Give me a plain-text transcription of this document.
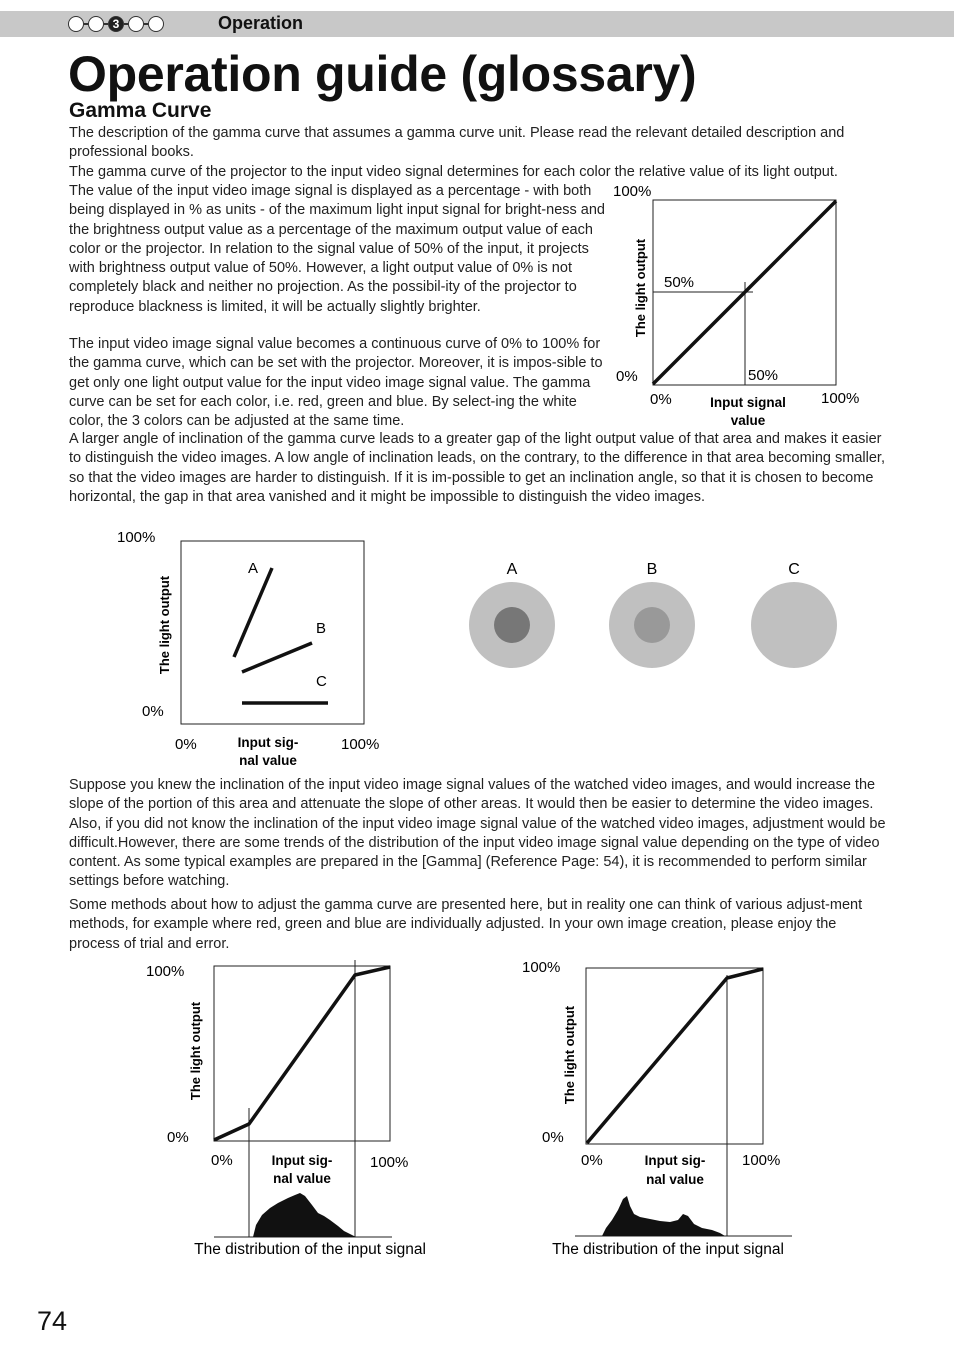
3	Operation
Operation guide (glossary)
Gamma Curve
The description of the gamma curve that assumes a gamma curve unit. Please read the relevant detailed description and professional books.
The gamma curve of the projector to the input video signal determines for each color the relative value of its light output.
The value of the input video image signal is displayed as a percentage - with both being displayed in % as units - of the maximum light input signal for bright-ness and the brightness output value as a percentage of the maximum output value of each color or the projector. In relation to the signal value of 50% of the input, it projects with brightness output value of 50%. However, a light output value of 0% is not completely black and neither no projection. As the possibil-ity of the projector to reproduce blackness is limited, it will be actually slightly brighter.
The input video image signal value becomes a continuous curve of 0% to 100% for the gamma curve, which can be set with the projector. Moreover, it is impos-sible to get only one light output value for the input video image signal value. The gamma curve can be set for each color, i.e. red, green and blue. By select-ing the white color, the 3 colors can be adjusted at the same time.
A larger angle of inclination of the gamma curve leads to a greater gap of the light output value of that area and makes it easier to distinguish the video images. A low angle of inclination leads, on the contrary, to the difference in that area becoming smaller, so that the video images are harder to distinguish. If it is im-possible to get an inclination angle, so that it is chosen to become horizontal, the gap in that area vanished and it might be impossible to distinguish the video images.
100%
0%
50%
50%
0%	100%
Input signal
value
The light output
A
B
C
100%
0%
0%	100%
Input sig-
nal value
The light output
A	B	C
Suppose you knew the inclination of the input video image signal values of the watched video images, and would increase the slope of the portion of this area and attenuate the slope of other areas. It would then be easier to determine the video images. Also, if you did not know the inclination of the input video image signal value of the watched video images, adjustment would be difficult.However, there are some trends of the distribution of the input video image signal value depending on the type of video content. As some typical examples are prepared in the [Gamma] (Reference Page: 54), it is recommended to perform similar settings before watching.
Some methods about how to adjust the gamma curve are presented here, but in reality one can think of various adjust-ment methods, for example where red, green and blue are individually adjusted. In your own image creation, please enjoy the process of trial and error.
100%
0%
0%	100%
Input sig-
nal value
The light output
The distribution of the input signal
100%
0%
0%	100%
Input sig-
nal value
The light output
The distribution of the input signal
74
